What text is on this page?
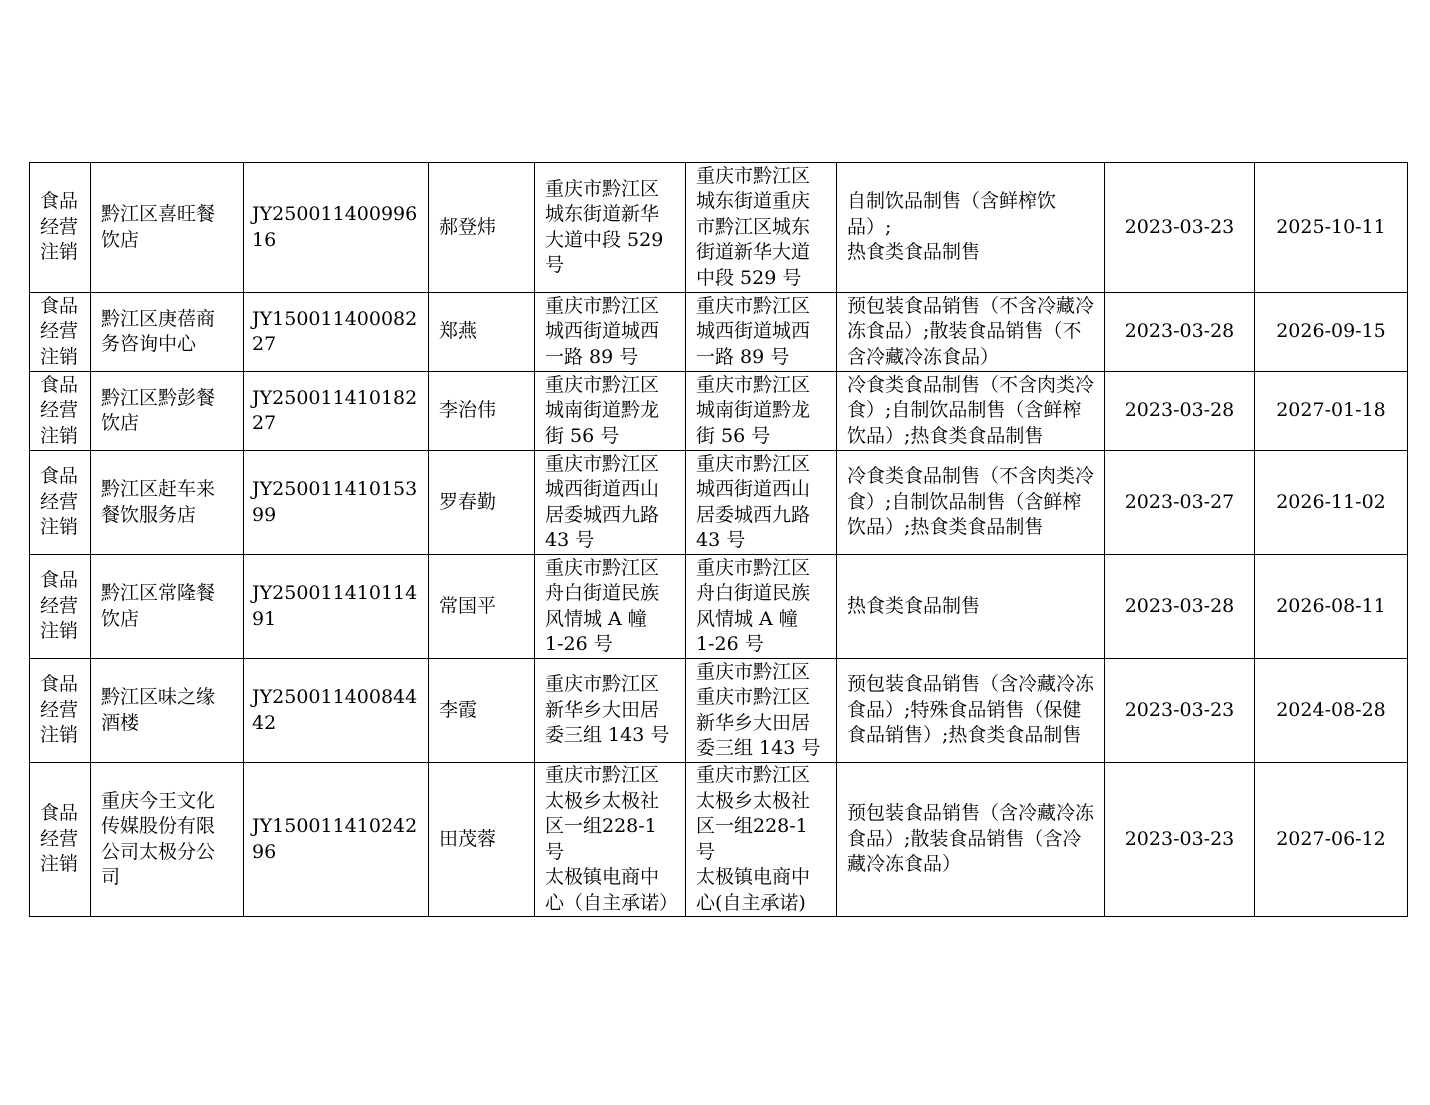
食品
经营
注销	黔江区喜旺餐
饮店	JY25001140099616	郝登炜	重庆市黔江区
城东街道新华
大道中段 529
号	重庆市黔江区
城东街道重庆
市黔江区城东
街道新华大道
中段 529 号	自制饮品制售（含鲜榨饮品）;
热食类食品制售	2023-03-23	2025-10-11

食品
经营
注销	黔江区庚蓓商
务咨询中心	JY15001140008227	郑燕	重庆市黔江区
城西街道城西
一路 89 号	重庆市黔江区
城西街道城西
一路 89 号	预包装食品销售（不含冷藏冷
冻食品）;散装食品销售（不
含冷藏冷冻食品）	2023-03-28	2026-09-15

食品
经营
注销	黔江区黔彭餐
饮店	JY25001141018227	李治伟	重庆市黔江区
城南街道黔龙
街 56 号	重庆市黔江区
城南街道黔龙
街 56 号	冷食类食品制售（不含肉类冷
食）;自制饮品制售（含鲜榨
饮品）;热食类食品制售	2023-03-28	2027-01-18

食品
经营
注销	黔江区赶车来
餐饮服务店	JY25001141015399	罗春勤	重庆市黔江区
城西街道西山
居委城西九路
43 号	重庆市黔江区
城西街道西山
居委城西九路
43 号	冷食类食品制售（不含肉类冷
食）;自制饮品制售（含鲜榨
饮品）;热食类食品制售	2023-03-27	2026-11-02

食品
经营
注销	黔江区常隆餐
饮店	JY25001141011491	常国平	重庆市黔江区
舟白街道民族
风情城 A 幢
1-26 号	重庆市黔江区
舟白街道民族
风情城 A 幢
1-26 号	热食类食品制售	2023-03-28	2026-08-11

食品
经营
注销	黔江区味之缘
酒楼	JY25001140084442	李霞	重庆市黔江区
新华乡大田居
委三组 143 号	重庆市黔江区
重庆市黔江区
新华乡大田居
委三组 143 号	预包装食品销售（含冷藏冷冻
食品）;特殊食品销售（保健
食品销售）;热食类食品制售	2023-03-23	2024-08-28

食品
经营
注销	重庆今王文化
传媒股份有限
公司太极分公
司	JY15001141024296	田茂蓉	重庆市黔江区
太极乡太极社
区一组228-1号
太极镇电商中
心（自主承诺）	重庆市黔江区
太极乡太极社
区一组228-1号
太极镇电商中
心(自主承诺)	预包装食品销售（含冷藏冷冻
食品）;散装食品销售（含冷
藏冷冻食品）	2023-03-23	2027-06-12
